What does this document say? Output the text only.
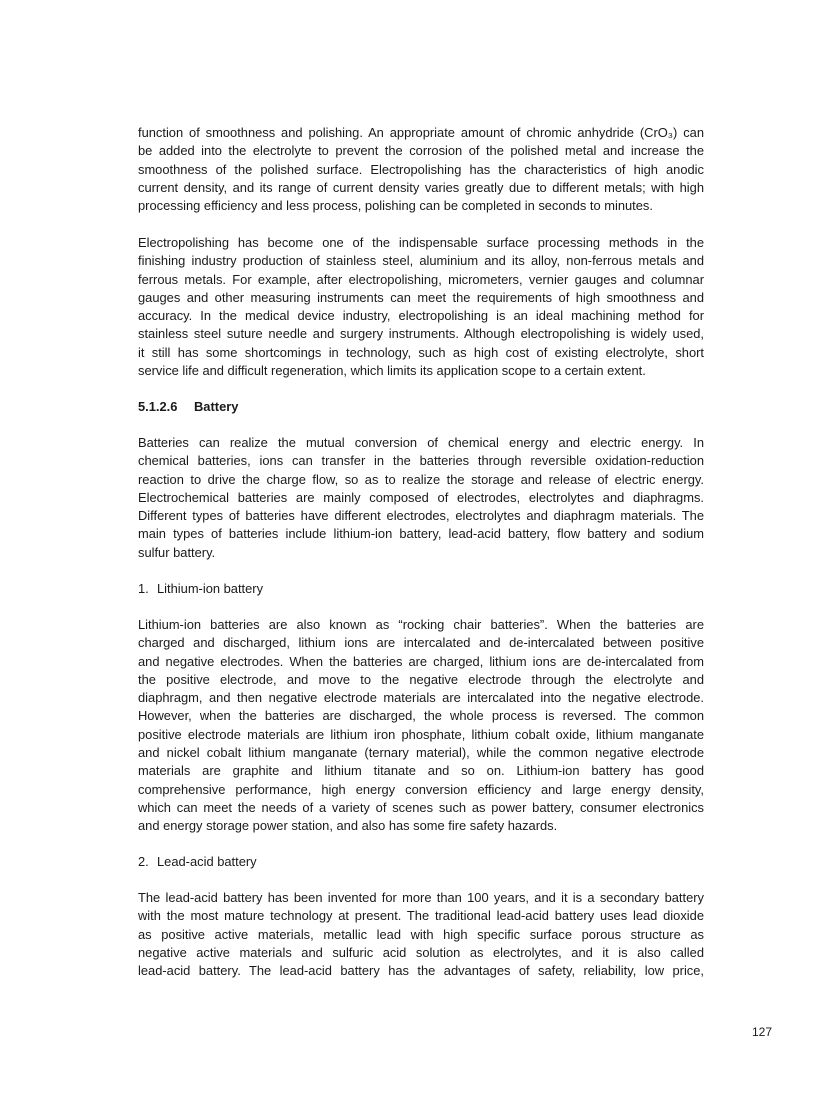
function of smoothness and polishing. An appropriate amount of chromic anhydride (CrO₃) can
be added into the electrolyte to prevent the corrosion of the polished metal and increase the
smoothness of the polished surface. Electropolishing has the characteristics of high anodic
current density, and its range of current density varies greatly due to different metals; with high
processing efficiency and less process, polishing can be completed in seconds to minutes.
Electropolishing has become one of the indispensable surface processing methods in the
finishing industry production of stainless steel, aluminium and its alloy, non-ferrous metals and
ferrous metals. For example, after electropolishing, micrometers, vernier gauges and columnar
gauges and other measuring instruments can meet the requirements of high smoothness and
accuracy. In the medical device industry, electropolishing is an ideal machining method for
stainless steel suture needle and surgery instruments. Although electropolishing is widely used,
it still has some shortcomings in technology, such as high cost of existing electrolyte, short
service life and difficult regeneration, which limits its application scope to a certain extent.
5.1.2.6 Battery
Batteries can realize the mutual conversion of chemical energy and electric energy. In
chemical batteries, ions can transfer in the batteries through reversible oxidation-reduction
reaction to drive the charge flow, so as to realize the storage and release of electric energy.
Electrochemical batteries are mainly composed of electrodes, electrolytes and diaphragms.
Different types of batteries have different electrodes, electrolytes and diaphragm materials. The
main types of batteries include lithium-ion battery, lead-acid battery, flow battery and sodium
sulfur battery.
1. Lithium-ion battery
Lithium-ion batteries are also known as “rocking chair batteries”. When the batteries are
charged and discharged, lithium ions are intercalated and de-intercalated between positive
and negative electrodes. When the batteries are charged, lithium ions are de-intercalated from
the positive electrode, and move to the negative electrode through the electrolyte and
diaphragm, and then negative electrode materials are intercalated into the negative electrode.
However, when the batteries are discharged, the whole process is reversed. The common
positive electrode materials are lithium iron phosphate, lithium cobalt oxide, lithium manganate
and nickel cobalt lithium manganate (ternary material), while the common negative electrode
materials are graphite and lithium titanate and so on. Lithium-ion battery has good
comprehensive performance, high energy conversion efficiency and large energy density,
which can meet the needs of a variety of scenes such as power battery, consumer electronics
and energy storage power station, and also has some fire safety hazards.
2. Lead-acid battery
The lead-acid battery has been invented for more than 100 years, and it is a secondary battery
with the most mature technology at present. The traditional lead-acid battery uses lead dioxide
as positive active materials, metallic lead with high specific surface porous structure as
negative active materials and sulfuric acid solution as electrolytes, and it is also called
lead-acid battery. The lead-acid battery has the advantages of safety, reliability, low price,
127
